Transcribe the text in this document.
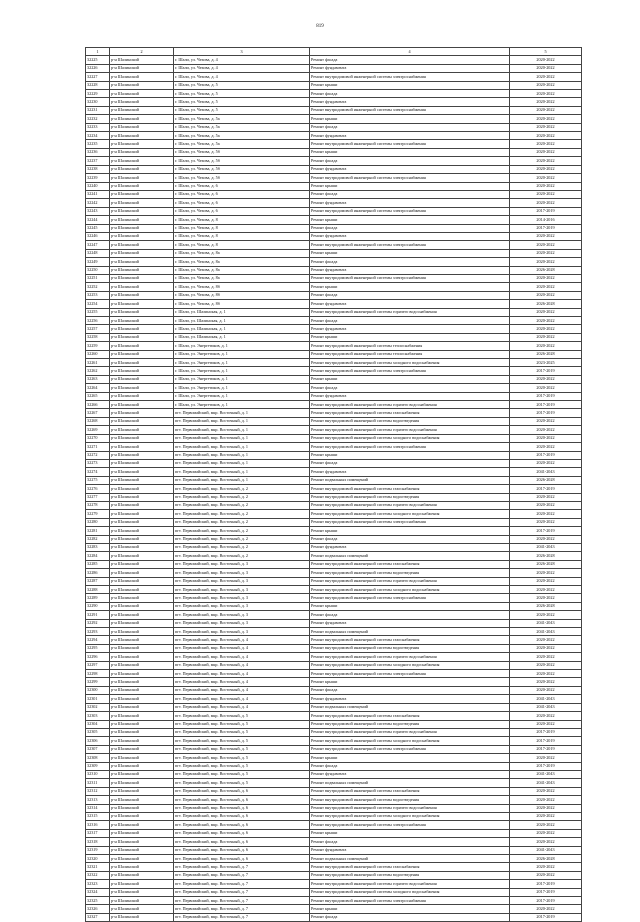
819
1	2	3	4	5
32225	р-н Шалинский	г. Шали, ул. Чехова, д. 4	Ремонт фасада	2020-2022
32226	р-н Шалинский	г. Шали, ул. Чехова, д. 4	Ремонт фундамента	2020-2022
32227	р-н Шалинский	г. Шали, ул. Чехова, д. 4	Ремонт внутридомовой инженерной системы электроснабжения	2020-2022
32228	р-н Шалинский	г. Шали, ул. Чехова, д. 5	Ремонт крыши	2020-2022
32229	р-н Шалинский	г. Шали, ул. Чехова, д. 5	Ремонт фасада	2020-2022
32230	р-н Шалинский	г. Шали, ул. Чехова, д. 5	Ремонт фундамента	2020-2022
32231	р-н Шалинский	г. Шали, ул. Чехова, д. 5	Ремонт внутридомовой инженерной системы электроснабжения	2020-2022
32232	р-н Шалинский	г. Шали, ул. Чехова, д. 5а	Ремонт крыши	2020-2022
32233	р-н Шалинский	г. Шали, ул. Чехова, д. 5а	Ремонт фасада	2020-2022
32234	р-н Шалинский	г. Шали, ул. Чехова, д. 5а	Ремонт фундамента	2020-2022
32235	р-н Шалинский	г. Шали, ул. Чехова, д. 5а	Ремонт внутридомовой инженерной системы электроснабжения	2020-2022
32236	р-н Шалинский	г. Шали, ул. Чехова, д. 5б	Ремонт крыши	2020-2022
32237	р-н Шалинский	г. Шали, ул. Чехова, д. 5б	Ремонт фасада	2020-2022
32238	р-н Шалинский	г. Шали, ул. Чехова, д. 5б	Ремонт фундамента	2020-2022
32239	р-н Шалинский	г. Шали, ул. Чехова, д. 5б	Ремонт внутридомовой инженерной системы электроснабжения	2020-2022
32240	р-н Шалинский	г. Шали, ул. Чехова, д. 6	Ремонт крыши	2020-2022
32241	р-н Шалинский	г. Шали, ул. Чехова, д. 6	Ремонт фасада	2020-2022
32242	р-н Шалинский	г. Шали, ул. Чехова, д. 6	Ремонт фундамента	2020-2022
32243	р-н Шалинский	г. Шали, ул. Чехова, д. 6	Ремонт внутридомовой инженерной системы электроснабжения	2017-2019
32244	р-н Шалинский	г. Шали, ул. Чехова, д. 8	Ремонт крыши	2014-2016
32245	р-н Шалинский	г. Шали, ул. Чехова, д. 8	Ремонт фасада	2017-2019
32246	р-н Шалинский	г. Шали, ул. Чехова, д. 8	Ремонт фундамента	2020-2022
32247	р-н Шалинский	г. Шали, ул. Чехова, д. 8	Ремонт внутридомовой инженерной системы электроснабжения	2020-2022
32248	р-н Шалинский	г. Шали, ул. Чехова, д. 8а	Ремонт крыши	2020-2022
32249	р-н Шалинский	г. Шали, ул. Чехова, д. 8а	Ремонт фасада	2020-2022
32250	р-н Шалинский	г. Шали, ул. Чехова, д. 8а	Ремонт фундамента	2026-2028
32251	р-н Шалинский	г. Шали, ул. Чехова, д. 8а	Ремонт внутридомовой инженерной системы электроснабжения	2020-2022
32252	р-н Шалинский	г. Шали, ул. Чехова, д. 8б	Ремонт крыши	2020-2022
32253	р-н Шалинский	г. Шали, ул. Чехова, д. 8б	Ремонт фасада	2020-2022
32254	р-н Шалинский	г. Шали, ул. Чехова, д. 8б	Ремонт фундамента	2026-2028
32255	р-н Шалинский	г. Шали, ул. Шалинская, д. 1	Ремонт внутридомовой инженерной системы горячего водоснабжения	2020-2022
32256	р-н Шалинский	г. Шали, ул. Шалинская, д. 1	Ремонт фасада	2020-2022
32257	р-н Шалинский	г. Шали, ул. Шалинская, д. 1	Ремонт фундамента	2020-2022
32258	р-н Шалинский	г. Шали, ул. Шалинская, д. 1	Ремонт крыши	2020-2022
32259	р-н Шалинский	г. Шали, ул. Энергетиков, д. 1	Ремонт внутридомовой инженерной системы теплоснабжения	2020-2022
32260	р-н Шалинский	г. Шали, ул. Энергетиков, д. 1	Ремонт внутридомовой инженерной системы теплоснабжения	2026-2028
32261	р-н Шалинский	г. Шали, ул. Энергетиков, д. 1	Ремонт внутридомовой инженерной системы холодного водоснабжения	2023-2025
32262	р-н Шалинский	г. Шали, ул. Энергетиков, д. 1	Ремонт внутридомовой инженерной системы электроснабжения	2017-2019
32263	р-н Шалинский	г. Шали, ул. Энергетиков, д. 1	Ремонт крыши	2020-2022
32264	р-н Шалинский	г. Шали, ул. Энергетиков, д. 1	Ремонт фасада	2020-2022
32265	р-н Шалинский	г. Шали, ул. Энергетиков, д. 1	Ремонт фундамента	2017-2019
32266	р-н Шалинский	г. Шали, ул. Энергетиков, д. 1	Ремонт внутридомовой инженерной системы горячего водоснабжения	2017-2019
32267	р-н Шалинский	пгт. Первомайский, мкр. Восточный, д. 1	Ремонт внутридомовой инженерной системы газоснабжения	2017-2019
32268	р-н Шалинский	пгт. Первомайский, мкр. Восточный, д. 1	Ремонт внутридомовой инженерной системы водоотведения	2020-2022
32269	р-н Шалинский	пгт. Первомайский, мкр. Восточный, д. 1	Ремонт внутридомовой инженерной системы горячего водоснабжения	2020-2022
32270	р-н Шалинский	пгт. Первомайский, мкр. Восточный, д. 1	Ремонт внутридомовой инженерной системы холодного водоснабжения	2020-2022
32271	р-н Шалинский	пгт. Первомайский, мкр. Восточный, д. 1	Ремонт внутридомовой инженерной системы электроснабжения	2020-2022
32272	р-н Шалинский	пгт. Первомайский, мкр. Восточный, д. 1	Ремонт крыши	2017-2019
32273	р-н Шалинский	пгт. Первомайский, мкр. Восточный, д. 1	Ремонт фасада	2020-2022
32274	р-н Шалинский	пгт. Первомайский, мкр. Восточный, д. 1	Ремонт фундамента	2041-2043
32275	р-н Шалинский	пгт. Первомайский, мкр. Восточный, д. 1	Ремонт подвальных помещений	2026-2028
32276	р-н Шалинский	пгт. Первомайский, мкр. Восточный, д. 2	Ремонт внутридомовой инженерной системы газоснабжения	2017-2019
32277	р-н Шалинский	пгт. Первомайский, мкр. Восточный, д. 2	Ремонт внутридомовой инженерной системы водоотведения	2020-2022
32278	р-н Шалинский	пгт. Первомайский, мкр. Восточный, д. 2	Ремонт внутридомовой инженерной системы горячего водоснабжения	2020-2022
32279	р-н Шалинский	пгт. Первомайский, мкр. Восточный, д. 2	Ремонт внутридомовой инженерной системы холодного водоснабжения	2020-2022
32280	р-н Шалинский	пгт. Первомайский, мкр. Восточный, д. 2	Ремонт внутридомовой инженерной системы электроснабжения	2020-2022
32281	р-н Шалинский	пгт. Первомайский, мкр. Восточный, д. 2	Ремонт крыши	2017-2019
32282	р-н Шалинский	пгт. Первомайский, мкр. Восточный, д. 2	Ремонт фасада	2020-2022
32283	р-н Шалинский	пгт. Первомайский, мкр. Восточный, д. 2	Ремонт фундамента	2041-2043
32284	р-н Шалинский	пгт. Первомайский, мкр. Восточный, д. 2	Ремонт подвальных помещений	2026-2028
32285	р-н Шалинский	пгт. Первомайский, мкр. Восточный, д. 3	Ремонт внутридомовой инженерной системы газоснабжения	2026-2028
32286	р-н Шалинский	пгт. Первомайский, мкр. Восточный, д. 3	Ремонт внутридомовой инженерной системы водоотведения	2020-2022
32287	р-н Шалинский	пгт. Первомайский, мкр. Восточный, д. 3	Ремонт внутридомовой инженерной системы горячего водоснабжения	2020-2022
32288	р-н Шалинский	пгт. Первомайский, мкр. Восточный, д. 3	Ремонт внутридомовой инженерной системы холодного водоснабжения	2020-2022
32289	р-н Шалинский	пгт. Первомайский, мкр. Восточный, д. 3	Ремонт внутридомовой инженерной системы электроснабжения	2020-2022
32290	р-н Шалинский	пгт. Первомайский, мкр. Восточный, д. 3	Ремонт крыши	2026-2028
32291	р-н Шалинский	пгт. Первомайский, мкр. Восточный, д. 3	Ремонт фасада	2020-2022
32292	р-н Шалинский	пгт. Первомайский, мкр. Восточный, д. 3	Ремонт фундамента	2041-2043
32293	р-н Шалинский	пгт. Первомайский, мкр. Восточный, д. 3	Ремонт подвальных помещений	2041-2043
32294	р-н Шалинский	пгт. Первомайский, мкр. Восточный, д. 4	Ремонт внутридомовой инженерной системы газоснабжения	2020-2022
32295	р-н Шалинский	пгт. Первомайский, мкр. Восточный, д. 4	Ремонт внутридомовой инженерной системы водоотведения	2020-2022
32296	р-н Шалинский	пгт. Первомайский, мкр. Восточный, д. 4	Ремонт внутридомовой инженерной системы горячего водоснабжения	2020-2022
32297	р-н Шалинский	пгт. Первомайский, мкр. Восточный, д. 4	Ремонт внутридомовой инженерной системы холодного водоснабжения	2020-2022
32298	р-н Шалинский	пгт. Первомайский, мкр. Восточный, д. 4	Ремонт внутридомовой инженерной системы электроснабжения	2020-2022
32299	р-н Шалинский	пгт. Первомайский, мкр. Восточный, д. 4	Ремонт крыши	2020-2022
32300	р-н Шалинский	пгт. Первомайский, мкр. Восточный, д. 4	Ремонт фасада	2020-2022
32301	р-н Шалинский	пгт. Первомайский, мкр. Восточный, д. 4	Ремонт фундамента	2041-2043
32302	р-н Шалинский	пгт. Первомайский, мкр. Восточный, д. 4	Ремонт подвальных помещений	2041-2043
32303	р-н Шалинский	пгт. Первомайский, мкр. Восточный, д. 5	Ремонт внутридомовой инженерной системы газоснабжения	2020-2022
32304	р-н Шалинский	пгт. Первомайский, мкр. Восточный, д. 5	Ремонт внутридомовой инженерной системы водоотведения	2020-2022
32305	р-н Шалинский	пгт. Первомайский, мкр. Восточный, д. 5	Ремонт внутридомовой инженерной системы горячего водоснабжения	2017-2019
32306	р-н Шалинский	пгт. Первомайский, мкр. Восточный, д. 5	Ремонт внутридомовой инженерной системы холодного водоснабжения	2017-2019
32307	р-н Шалинский	пгт. Первомайский, мкр. Восточный, д. 5	Ремонт внутридомовой инженерной системы электроснабжения	2017-2019
32308	р-н Шалинский	пгт. Первомайский, мкр. Восточный, д. 5	Ремонт крыши	2020-2022
32309	р-н Шалинский	пгт. Первомайский, мкр. Восточный, д. 5	Ремонт фасада	2017-2019
32310	р-н Шалинский	пгт. Первомайский, мкр. Восточный, д. 5	Ремонт фундамента	2041-2043
32311	р-н Шалинский	пгт. Первомайский, мкр. Восточный, д. 5	Ремонт подвальных помещений	2041-2043
32312	р-н Шалинский	пгт. Первомайский, мкр. Восточный, д. 6	Ремонт внутридомовой инженерной системы газоснабжения	2020-2022
32313	р-н Шалинский	пгт. Первомайский, мкр. Восточный, д. 6	Ремонт внутридомовой инженерной системы водоотведения	2020-2022
32314	р-н Шалинский	пгт. Первомайский, мкр. Восточный, д. 6	Ремонт внутридомовой инженерной системы горячего водоснабжения	2020-2022
32315	р-н Шалинский	пгт. Первомайский, мкр. Восточный, д. 6	Ремонт внутридомовой инженерной системы холодного водоснабжения	2020-2022
32316	р-н Шалинский	пгт. Первомайский, мкр. Восточный, д. 6	Ремонт внутридомовой инженерной системы электроснабжения	2020-2022
32317	р-н Шалинский	пгт. Первомайский, мкр. Восточный, д. 6	Ремонт крыши	2020-2022
32318	р-н Шалинский	пгт. Первомайский, мкр. Восточный, д. 6	Ремонт фасада	2020-2022
32319	р-н Шалинский	пгт. Первомайский, мкр. Восточный, д. 6	Ремонт фундамента	2041-2043
32320	р-н Шалинский	пгт. Первомайский, мкр. Восточный, д. 6	Ремонт подвальных помещений	2026-2028
32321	р-н Шалинский	пгт. Первомайский, мкр. Восточный, д. 7	Ремонт внутридомовой инженерной системы газоснабжения	2020-2022
32322	р-н Шалинский	пгт. Первомайский, мкр. Восточный, д. 7	Ремонт внутридомовой инженерной системы водоотведения	2020-2022
32323	р-н Шалинский	пгт. Первомайский, мкр. Восточный, д. 7	Ремонт внутридомовой инженерной системы горячего водоснабжения	2017-2019
32324	р-н Шалинский	пгт. Первомайский, мкр. Восточный, д. 7	Ремонт внутридомовой инженерной системы холодного водоснабжения	2017-2019
32325	р-н Шалинский	пгт. Первомайский, мкр. Восточный, д. 7	Ремонт внутридомовой инженерной системы электроснабжения	2017-2019
32326	р-н Шалинский	пгт. Первомайский, мкр. Восточный, д. 7	Ремонт крыши	2020-2022
32327	р-н Шалинский	пгт. Первомайский, мкр. Восточный, д. 7	Ремонт фасада	2017-2019
